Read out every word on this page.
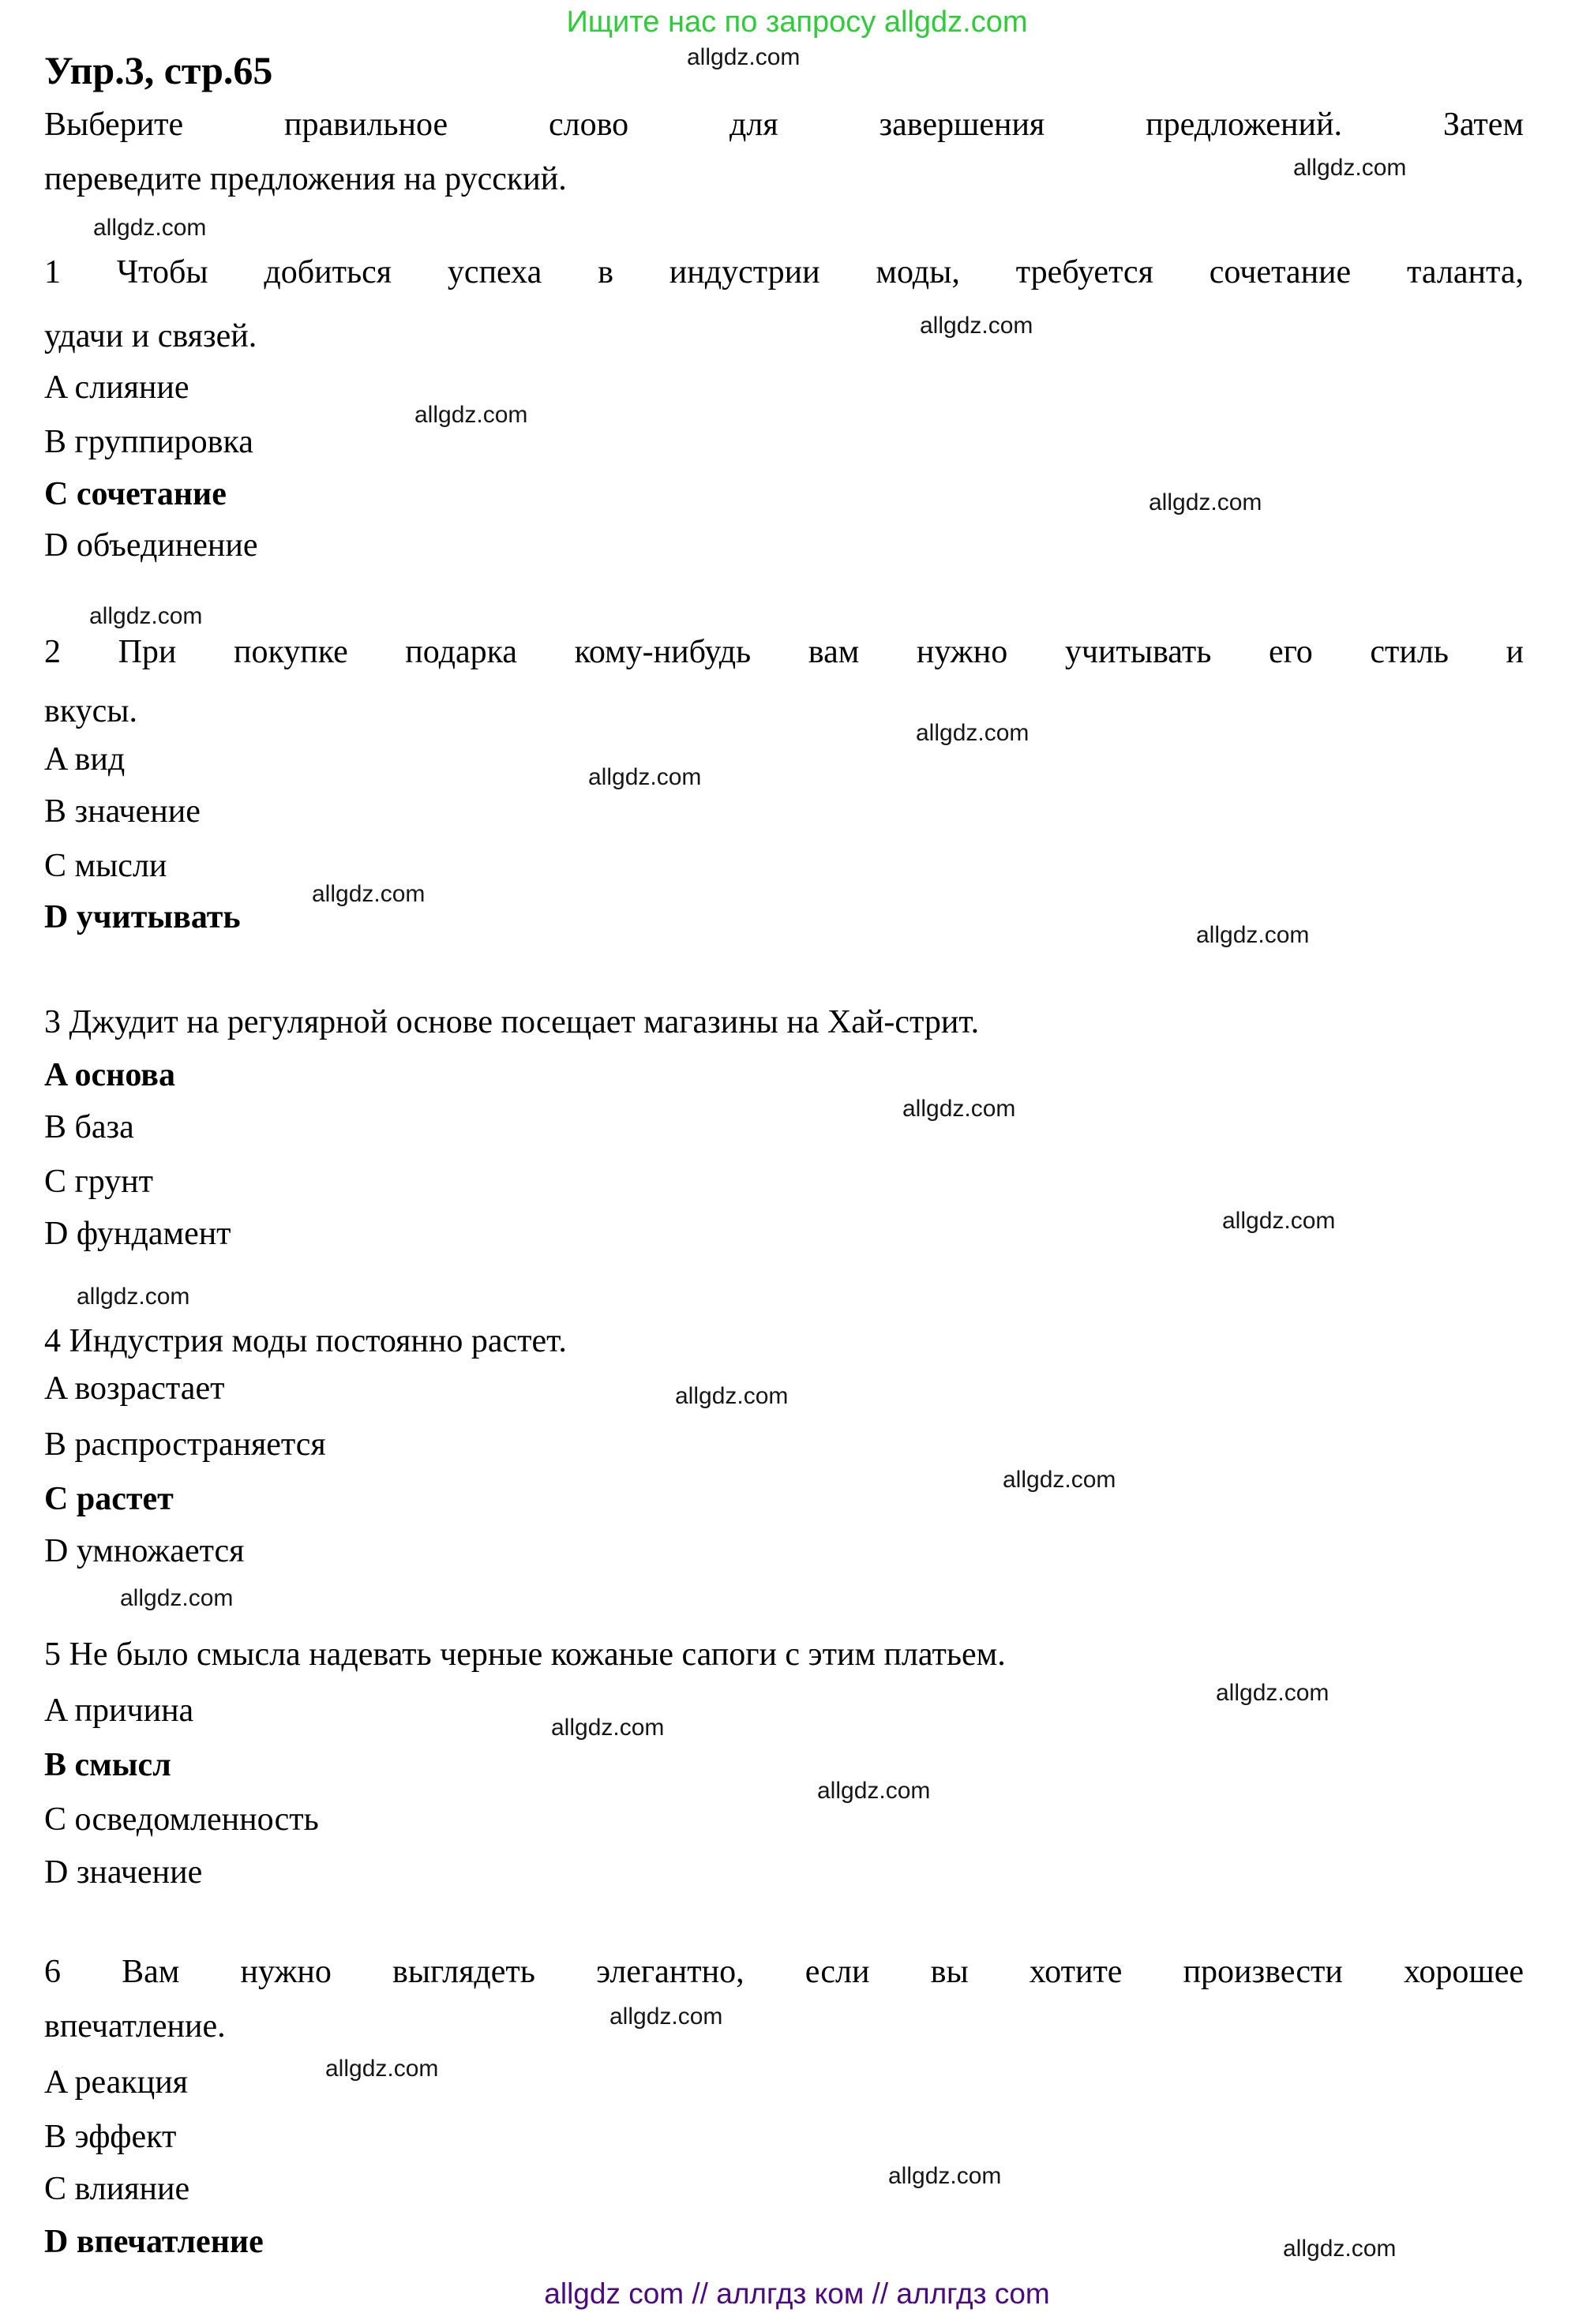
Ищите нас по запросу allgdz.com
allgdz.com
allgdz.com
allgdz.com
allgdz.com
allgdz.com
allgdz.com
allgdz.com
allgdz.com
allgdz.com
allgdz.com
allgdz.com
allgdz.com
allgdz.com
allgdz.com
allgdz.com
allgdz.com
allgdz.com
allgdz.com
allgdz.com
allgdz.com
allgdz.com
allgdz.com
allgdz.com
allgdz.com
Упр.3, стр.65
Выберите правильное слово для завершения предложений. Затем
переведите предложения на русский.
1 Чтобы добиться успеха в индустрии моды, требуется сочетание таланта,
удачи и связей.
A слияние
B группировка
C сочетание
D объединение
2 При покупке подарка кому-нибудь вам нужно учитывать его стиль и
вкусы.
A вид
B значение
C мысли
D учитывать
3 Джудит на регулярной основе посещает магазины на Хай-стрит.
A основа
B база
C грунт
D фундамент
4 Индустрия моды постоянно растет.
A возрастает
B распространяется
C растет
D умножается
5 Не было смысла надевать черные кожаные сапоги с этим платьем.
A причина
B смысл
C осведомленность
D значение
6 Вам нужно выглядеть элегантно, если вы хотите произвести хорошее
впечатление.
A реакция
B эффект
C влияние
D впечатление
allgdz com // аллгдз ком // аллгдз com
